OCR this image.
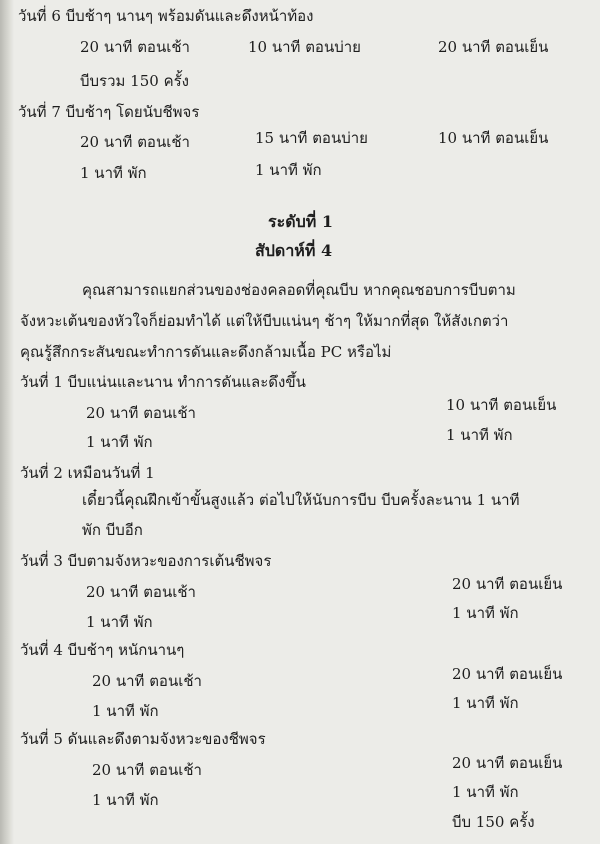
วันที่ 6 บีบช้าๆ นานๆ พร้อมดันและดึงหน้าท้อง
20 นาที ตอนเช้า	10 นาที ตอนบ่าย	20 นาที ตอนเย็น
บีบรวม 150 ครั้ง
วันที่ 7 บีบช้าๆ โดยนับชีพจร
20 นาที ตอนเช้า	15 นาที ตอนบ่าย	10 นาที ตอนเย็น
1 นาที พัก	1 นาที พัก
ระดับที่ 1
สัปดาห์ที่ 4
คุณสามารถแยกส่วนของช่องคลอดที่คุณบีบ หากคุณชอบการบีบตาม
จังหวะเต้นของหัวใจก็ย่อมทำได้ แต่ให้บีบแน่นๆ ช้าๆ ให้มากที่สุด ให้สังเกตว่า
คุณรู้สึกกระสันขณะทำการดันและดึงกล้ามเนื้อ PC หรือไม่
วันที่ 1 บีบแน่นและนาน ทำการดันและดึงขึ้น
20 นาที ตอนเช้า	10 นาที ตอนเย็น
1 นาที พัก	1 นาที พัก
วันที่ 2 เหมือนวันที่ 1
เดี๋ยวนี้คุณฝึกเข้าขั้นสูงแล้ว ต่อไปให้นับการบีบ บีบครั้งละนาน 1 นาที
พัก บีบอีก
วันที่ 3 บีบตามจังหวะของการเต้นชีพจร
20 นาที ตอนเช้า	20 นาที ตอนเย็น
1 นาที พัก	1 นาที พัก
วันที่ 4 บีบช้าๆ หนักนานๆ
20 นาที ตอนเช้า	20 นาที ตอนเย็น
1 นาที พัก	1 นาที พัก
วันที่ 5 ดันและดึงตามจังหวะของชีพจร
20 นาที ตอนเช้า	20 นาที ตอนเย็น
1 นาที พัก	1 นาที พัก
บีบ 150 ครั้ง
